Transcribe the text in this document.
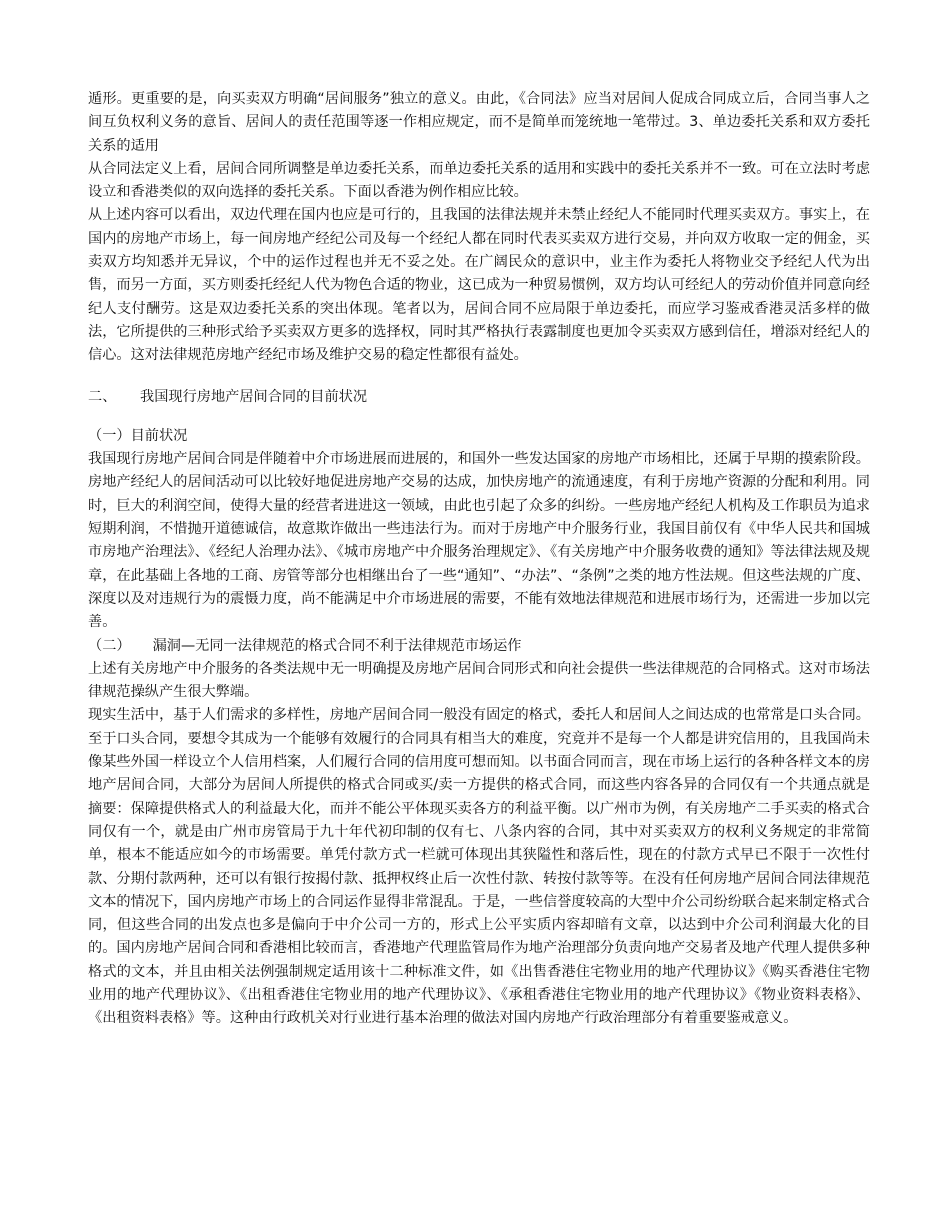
遁形。更重要的是，向买卖双方明确“居间服务”独立的意义。由此，《合同法》应当对居间人促成合同成立后，合同当事人之间互负权利义务的意旨、居间人的责任范围等逐一作相应规定，而不是简单而笼统地一笔带过。3、单边委托关系和双方委托关系的适用

从合同法定义上看，居间合同所调整是单边委托关系，而单边委托关系的适用和实践中的委托关系并不一致。可在立法时考虑设立和香港类似的双向选择的委托关系。下面以香港为例作相应比较。

从上述内容可以看出，双边代理在国内也应是可行的，且我国的法律法规并未禁止经纪人不能同时代理买卖双方。事实上，在国内的房地产市场上，每一间房地产经纪公司及每一个经纪人都在同时代表买卖双方进行交易，并向双方收取一定的佣金，买卖双方均知悉并无异议，个中的运作过程也并无不妥之处。在广阔民众的意识中，业主作为委托人将物业交予经纪人代为出售，而另一方面，买方则委托经纪人代为物色合适的物业，这已成为一种贸易惯例，双方均认可经纪人的劳动价值并同意向经纪人支付酬劳。这是双边委托关系的突出体现。笔者以为，居间合同不应局限于单边委托，而应学习鉴戒香港灵活多样的做法，它所提供的三种形式给予买卖双方更多的选择权，同时其严格执行表露制度也更加令买卖双方感到信任，增添对经纪人的信心。这对法律规范房地产经纪市场及维护交易的稳定性都很有益处。

二、 我国现行房地产居间合同的目前状况

（一）目前状况

我国现行房地产居间合同是伴随着中介市场进展而进展的，和国外一些发达国家的房地产市场相比，还属于早期的摸索阶段。房地产经纪人的居间活动可以比较好地促进房地产交易的达成，加快房地产的流通速度，有利于房地产资源的分配和利用。同时，巨大的利润空间，使得大量的经营者进进这一领域，由此也引起了众多的纠纷。一些房地产经纪人机构及工作职员为追求短期利润，不惜抛开道德诚信，故意欺诈做出一些违法行为。而对于房地产中介服务行业，我国目前仅有《中华人民共和国城市房地产治理法》、《经纪人治理办法》、《城市房地产中介服务治理规定》、《有关房地产中介服务收费的通知》等法律法规及规章，在此基础上各地的工商、房管等部分也相继出台了一些“通知”、“办法”、“条例”之类的地方性法规。但这些法规的广度、深度以及对违规行为的震慑力度，尚不能满足中介市场进展的需要，不能有效地法律规范和进展市场行为，还需进一步加以完善。

（二） 漏洞—无同一法律规范的格式合同不利于法律规范市场运作

上述有关房地产中介服务的各类法规中无一明确提及房地产居间合同形式和向社会提供一些法律规范的合同格式。这对市场法律规范操纵产生很大弊端。

现实生活中，基于人们需求的多样性，房地产居间合同一般没有固定的格式，委托人和居间人之间达成的也常常是口头合同。至于口头合同，要想令其成为一个能够有效履行的合同具有相当大的难度，究竟并不是每一个人都是讲究信用的，且我国尚未像某些外国一样设立个人信用档案，人们履行合同的信用度可想而知。以书面合同而言，现在市场上运行的各种各样文本的房地产居间合同，大部分为居间人所提供的格式合同或买/卖一方提供的格式合同，而这些内容各异的合同仅有一个共通点就是摘要：保障提供格式人的利益最大化，而并不能公平体现买卖各方的利益平衡。以广州市为例，有关房地产二手买卖的格式合同仅有一个，就是由广州市房管局于九十年代初印制的仅有七、八条内容的合同，其中对买卖双方的权利义务规定的非常简单，根本不能适应如今的市场需要。单凭付款方式一栏就可体现出其狭隘性和落后性，现在的付款方式早已不限于一次性付款、分期付款两种，还可以有银行按揭付款、抵押权终止后一次性付款、转按付款等等。在没有任何房地产居间合同法律规范文本的情况下，国内房地产市场上的合同运作显得非常混乱。于是，一些信誉度较高的大型中介公司纷纷联合起来制定格式合同，但这些合同的出发点也多是偏向于中介公司一方的，形式上公平实质内容却暗有文章，以达到中介公司利润最大化的目的。国内房地产居间合同和香港相比较而言，香港地产代理监管局作为地产治理部分负责向地产交易者及地产代理人提供多种格式的文本，并且由相关法例强制规定适用该十二种标准文件，如《出售香港住宅物业用的地产代理协议》《购买香港住宅物业用的地产代理协议》、《出租香港住宅物业用的地产代理协议》、《承租香港住宅物业用的地产代理协议》《物业资料表格》、《出租资料表格》等。这种由行政机关对行业进行基本治理的做法对国内房地产行政治理部分有着重要鉴戒意义。
